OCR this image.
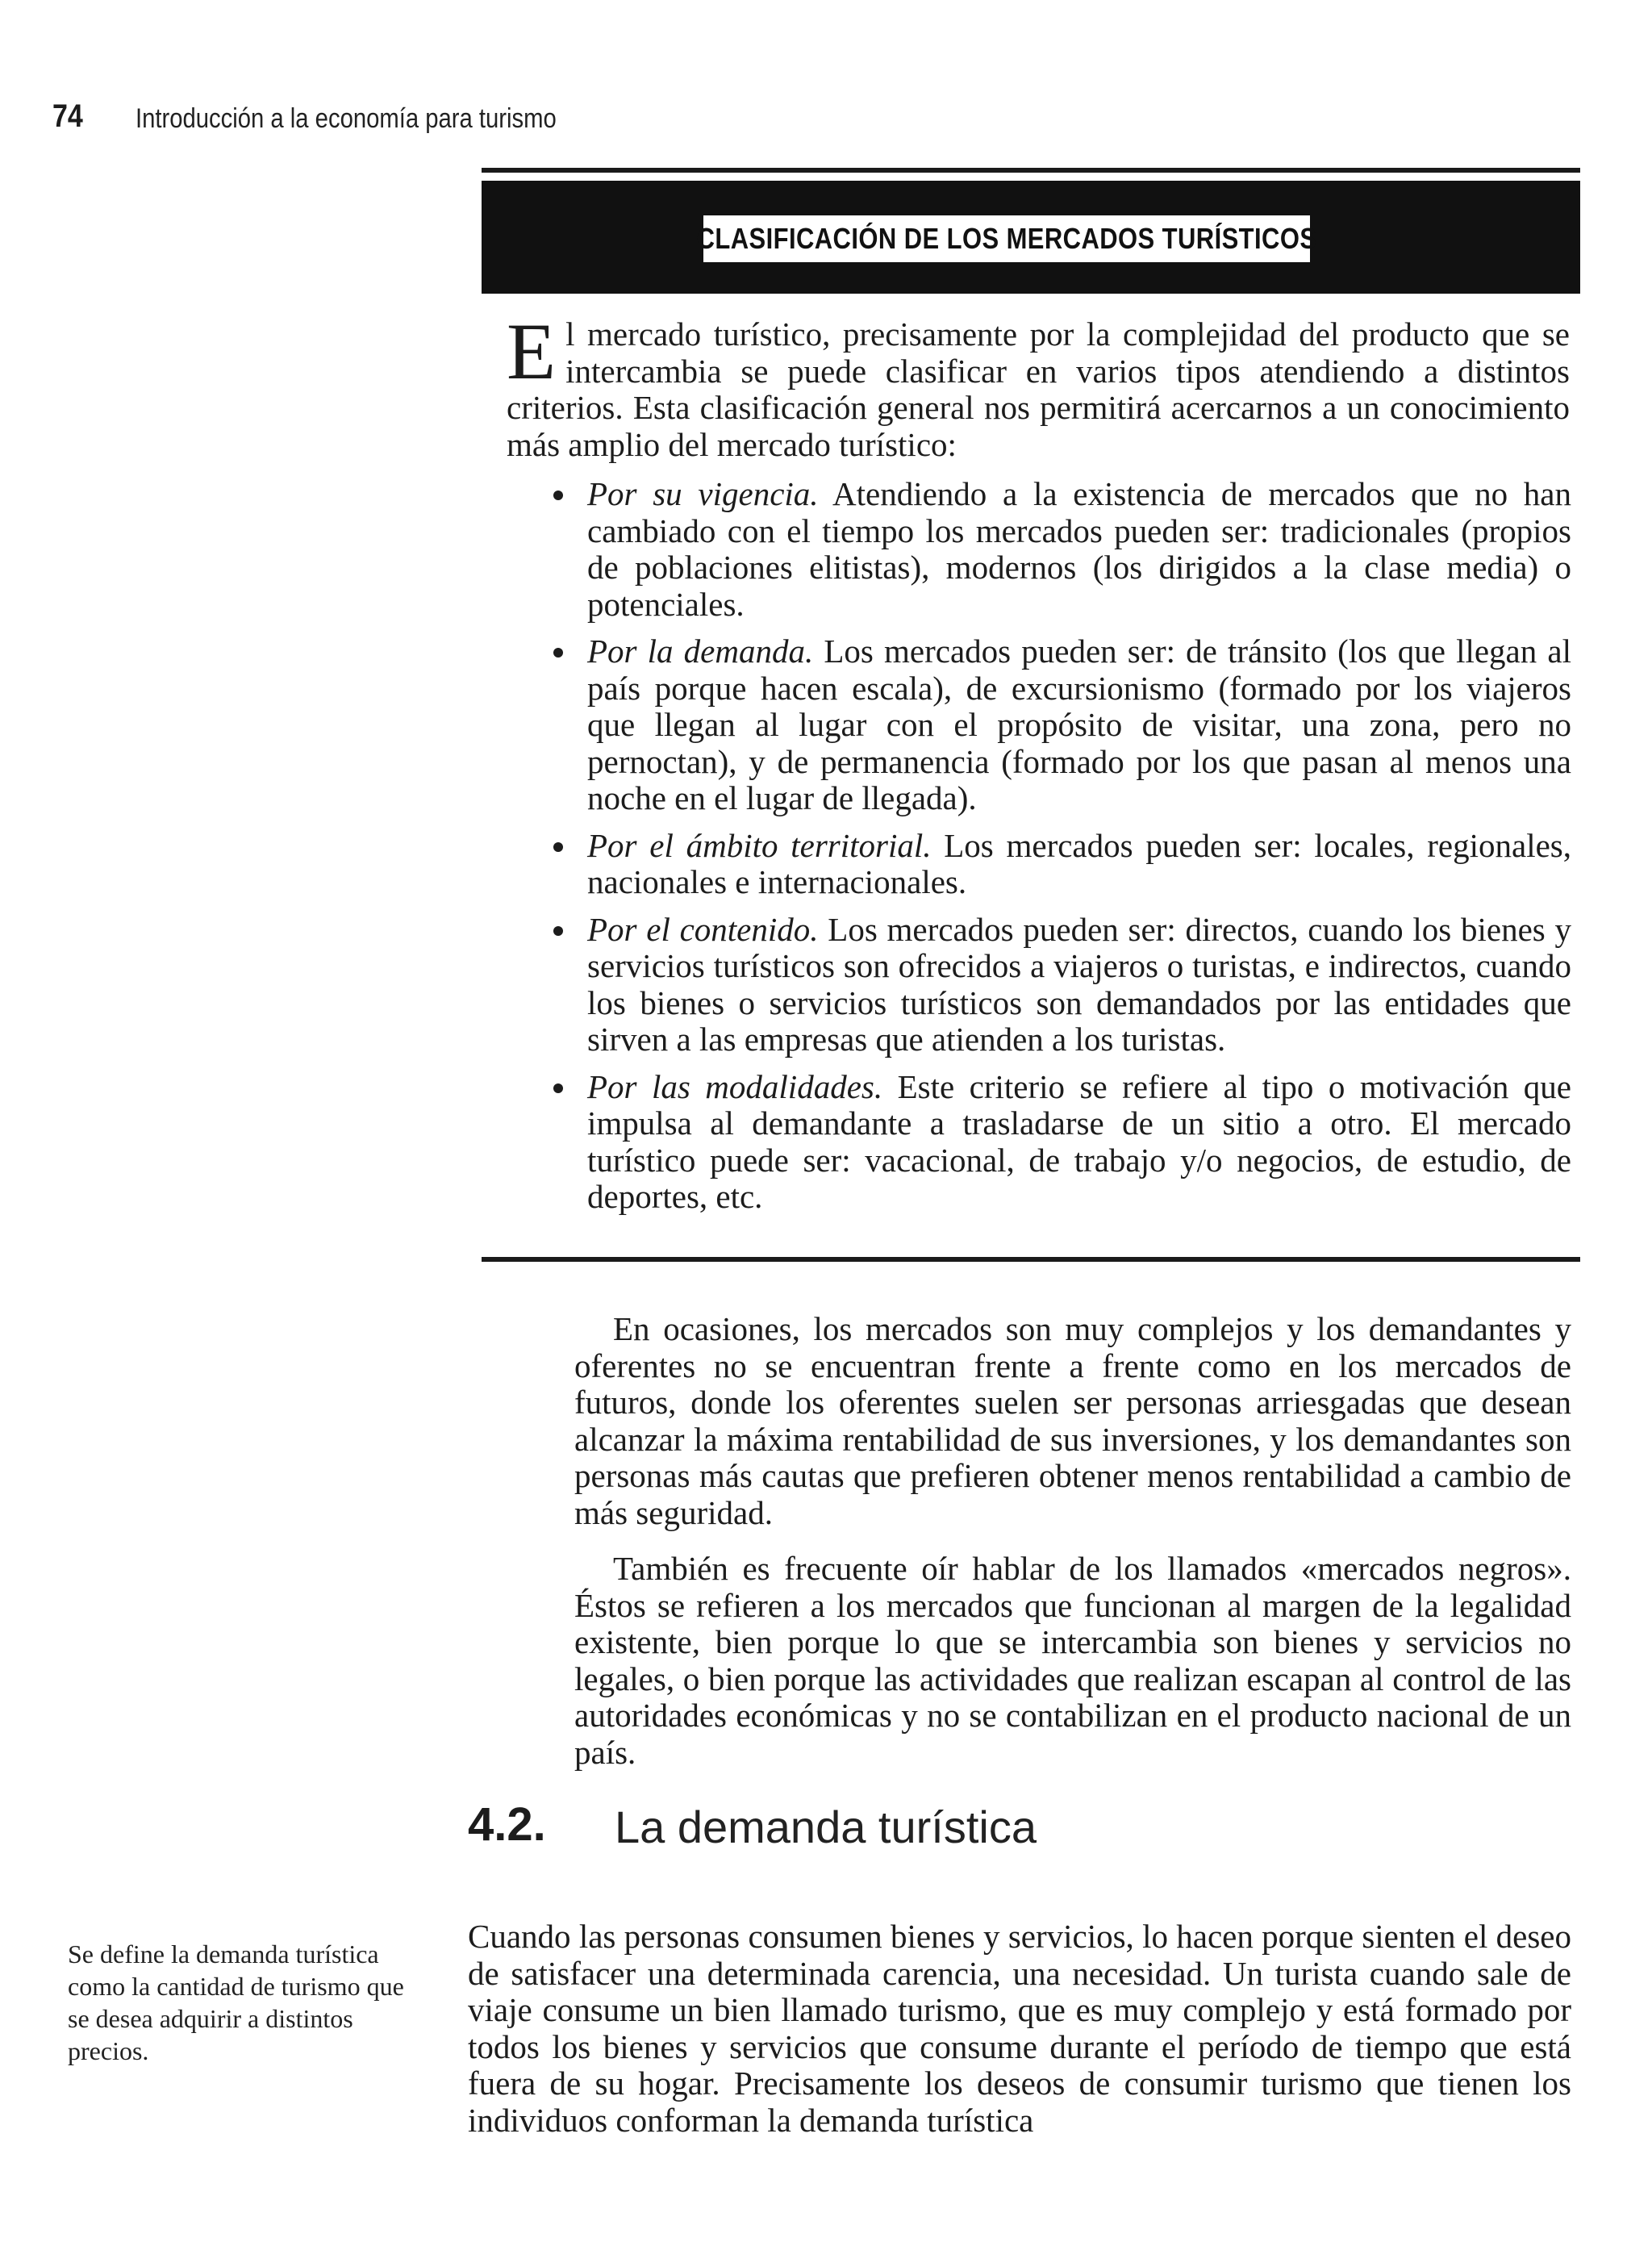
74 Introducción a la economía para turismo
CLASIFICACIÓN DE LOS MERCADOS TURÍSTICOS
El mercado turístico, precisamente por la complejidad del producto que se intercambia se puede clasificar en varios tipos atendiendo a distintos criterios. Esta clasificación general nos permitirá acercarnos a un conocimiento más amplio del mercado turístico:
Por su vigencia. Atendiendo a la existencia de mercados que no han cambiado con el tiempo los mercados pueden ser: tradicionales (propios de poblaciones elitistas), modernos (los dirigidos a la clase media) o potenciales.
Por la demanda. Los mercados pueden ser: de tránsito (los que llegan al país porque hacen escala), de excursionismo (formado por los viajeros que llegan al lugar con el propósito de visitar, una zona, pero no pernoctan), y de permanencia (formado por los que pasan al menos una noche en el lugar de llegada).
Por el ámbito territorial. Los mercados pueden ser: locales, regionales, nacionales e internacionales.
Por el contenido. Los mercados pueden ser: directos, cuando los bienes y servicios turísticos son ofrecidos a viajeros o turistas, e indirectos, cuando los bienes o servicios turísticos son demandados por las entidades que sirven a las empresas que atienden a los turistas.
Por las modalidades. Este criterio se refiere al tipo o motivación que impulsa al demandante a trasladarse de un sitio a otro. El mercado turístico puede ser: vacacional, de trabajo y/o negocios, de estudio, de deportes, etc.
En ocasiones, los mercados son muy complejos y los demandantes y oferentes no se encuentran frente a frente como en los mercados de futuros, donde los oferentes suelen ser personas arriesgadas que desean alcanzar la máxima rentabilidad de sus inversiones, y los demandantes son personas más cautas que prefieren obtener menos rentabilidad a cambio de más seguridad.
También es frecuente oír hablar de los llamados «mercados negros». Éstos se refieren a los mercados que funcionan al margen de la legalidad existente, bien porque lo que se intercambia son bienes y servicios no legales, o bien porque las actividades que realizan escapan al control de las autoridades económicas y no se contabilizan en el producto nacional de un país.
4.2. La demanda turística
Se define la demanda turística como la cantidad de turismo que se desea adquirir a distintos precios.
Cuando las personas consumen bienes y servicios, lo hacen porque sienten el deseo de satisfacer una determinada carencia, una necesidad. Un turista cuando sale de viaje consume un bien llamado turismo, que es muy complejo y está formado por todos los bienes y servicios que consume durante el período de tiempo que está fuera de su hogar. Precisamente los deseos de consumir turismo que tienen los individuos conforman la demanda turística
